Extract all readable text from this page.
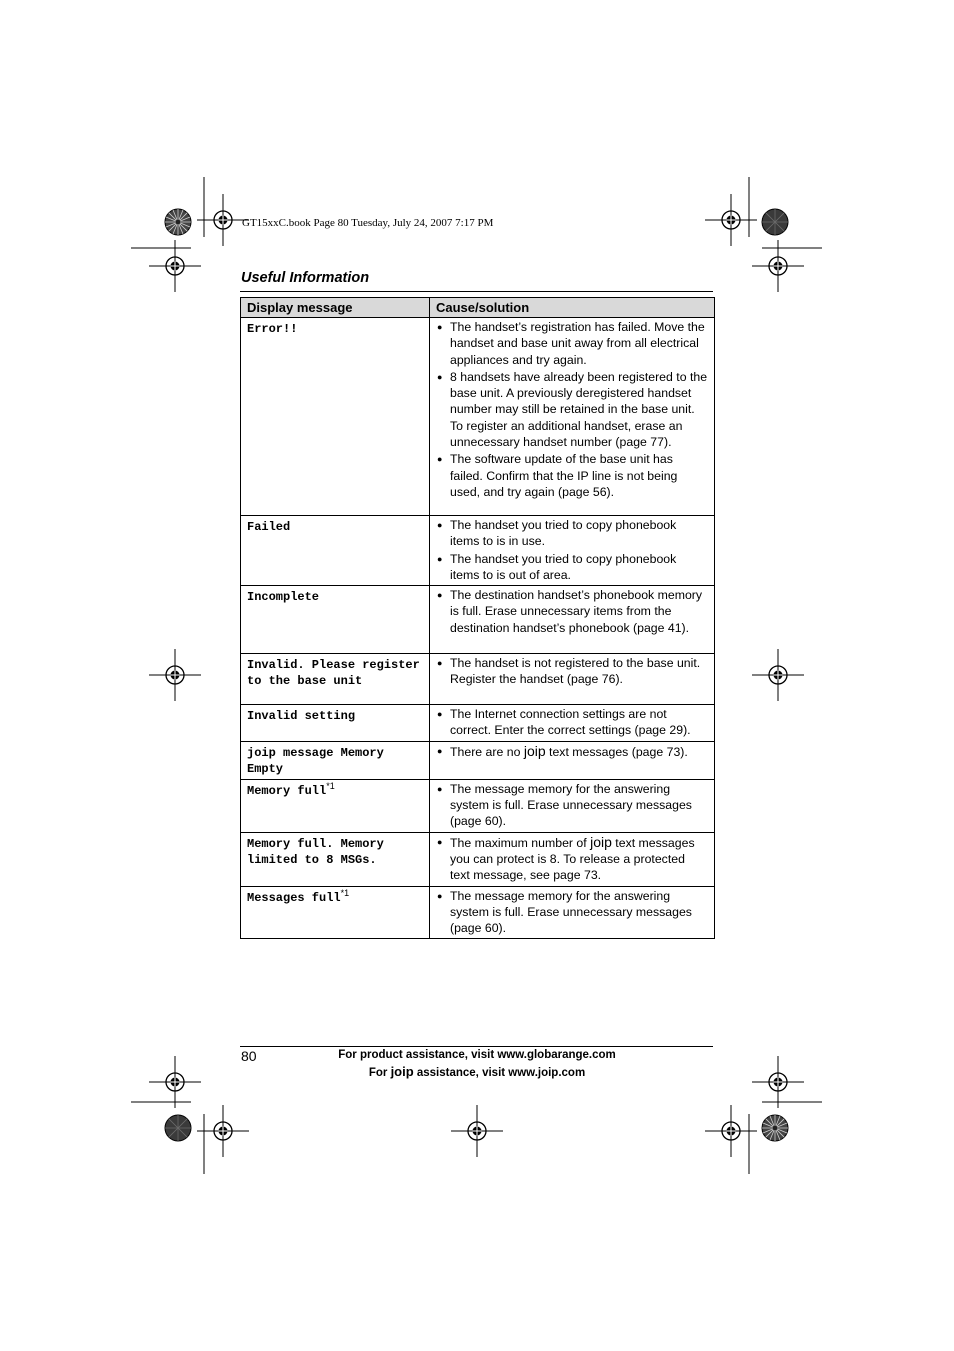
GT15xxC.book Page 80 Tuesday, July 24, 2007 7:17 PM
Useful Information
Display message	Cause/solution
Error!!	● The handset’s registration has failed. Move the handset and base unit away from all electrical appliances and try again.
● 8 handsets have already been registered to the base unit. A previously deregistered handset number may still be retained in the base unit. To register an additional handset, erase an unnecessary handset number (page 77).
● The software update of the base unit has failed. Confirm that the IP line is not being used, and try again (page 56).

Failed	● The handset you tried to copy phonebook items to is in use.
● The handset you tried to copy phonebook items to is out of area.

Incomplete	● The destination handset’s phonebook memory is full. Erase unnecessary items from the destination handset’s phonebook (page 41).

Invalid. Please register to the base unit	● The handset is not registered to the base unit. Register the handset (page 76).

Invalid setting	● The Internet connection settings are not correct. Enter the correct settings (page 29).

joip message Memory Empty	● There are no joip text messages (page 73).

Memory full$^{*1}$	● The message memory for the answering system is full. Erase unnecessary messages (page 60).

Memory full. Memory limited to 8 MSGs.	● The maximum number of joip text messages you can protect is 8. To release a protected text message, see page 73.

Messages full$^{*1}$	● The message memory for the answering system is full. Erase unnecessary messages (page 60).
80	For product assistance, visit www.globarange.com
For joip assistance, visit www.joip.com
